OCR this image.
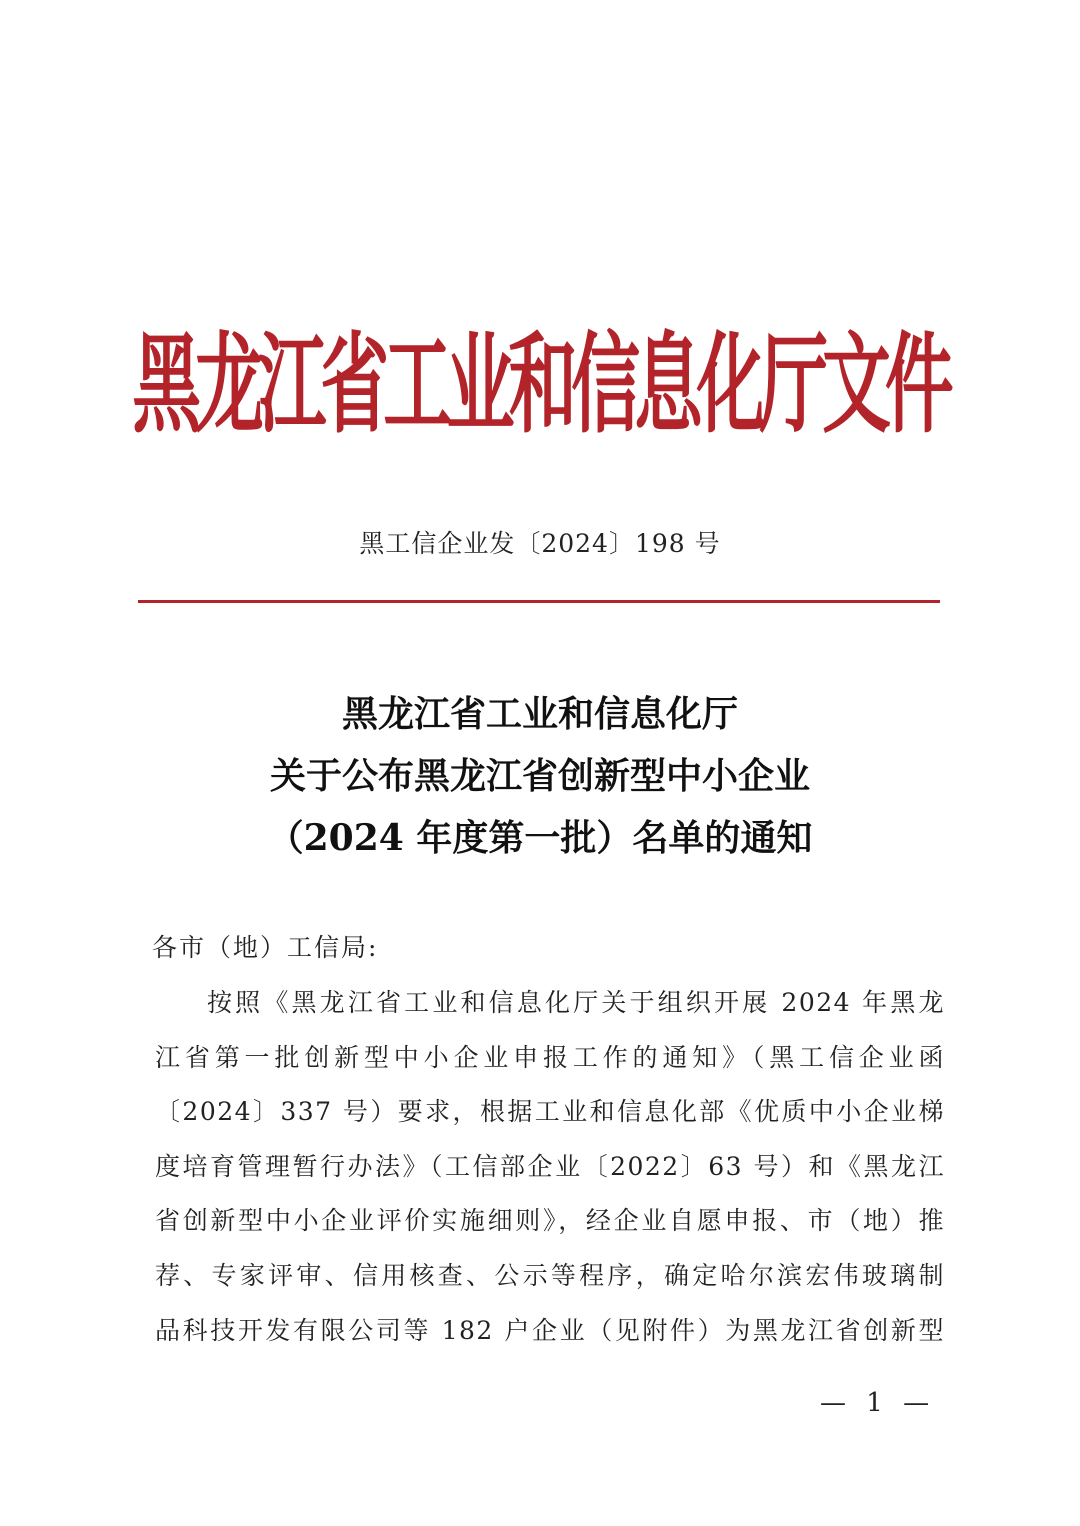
黑龙江省工业和信息化厅文件
黑工信企业发〔2024〕198 号
黑龙江省工业和信息化厅
关于公布黑龙江省创新型中小企业
（2024 年度第一批）名单的通知
各市（地）工信局:
按照《黑龙江省工业和信息化厅关于组织开展 2024 年黑龙
江省第一批创新型中小企业申报工作的通知》（黑工信企业函
〔2024〕337 号）要求，根据工业和信息化部《优质中小企业梯
度培育管理暂行办法》（工信部企业〔2022〕63 号）和《黑龙江
省创新型中小企业评价实施细则》，经企业自愿申报、市（地）推
荐、专家评审、信用核查、公示等程序，确定哈尔滨宏伟玻璃制
品科技开发有限公司等 182 户企业（见附件）为黑龙江省创新型
— 1 —
